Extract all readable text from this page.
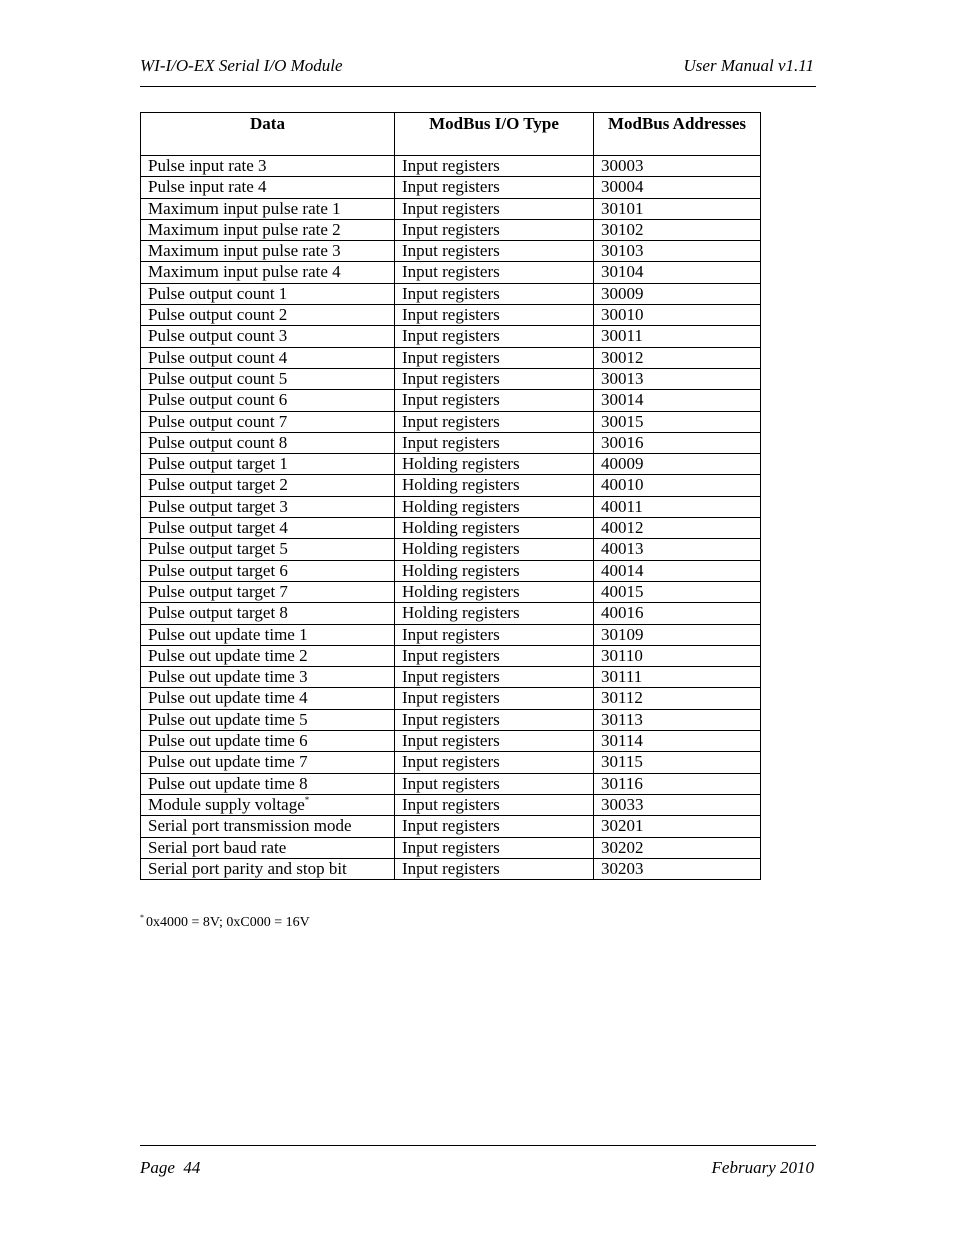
WI-I/O-EX Serial I/O Module	User Manual v1.11
Data	ModBus I/O Type	ModBus Addresses
Pulse input rate 3	Input registers	30003
Pulse input rate 4	Input registers	30004
Maximum input pulse rate 1	Input registers	30101
Maximum input pulse rate 2	Input registers	30102
Maximum input pulse rate 3	Input registers	30103
Maximum input pulse rate 4	Input registers	30104
Pulse output count 1	Input registers	30009
Pulse output count 2	Input registers	30010
Pulse output count 3	Input registers	30011
Pulse output count 4	Input registers	30012
Pulse output count 5	Input registers	30013
Pulse output count 6	Input registers	30014
Pulse output count 7	Input registers	30015
Pulse output count 8	Input registers	30016
Pulse output target 1	Holding registers	40009
Pulse output target 2	Holding registers	40010
Pulse output target 3	Holding registers	40011
Pulse output target 4	Holding registers	40012
Pulse output target 5	Holding registers	40013
Pulse output target 6	Holding registers	40014
Pulse output target 7	Holding registers	40015
Pulse output target 8	Holding registers	40016
Pulse out update time 1	Input registers	30109
Pulse out update time 2	Input registers	30110
Pulse out update time 3	Input registers	30111
Pulse out update time 4	Input registers	30112
Pulse out update time 5	Input registers	30113
Pulse out update time 6	Input registers	30114
Pulse out update time 7	Input registers	30115
Pulse out update time 8	Input registers	30116
Module supply voltage*	Input registers	30033
Serial port transmission mode	Input registers	30201
Serial port baud rate	Input registers	30202
Serial port parity and stop bit	Input registers	30203
* 0x4000 = 8V; 0xC000 = 16V
Page  44	February 2010
